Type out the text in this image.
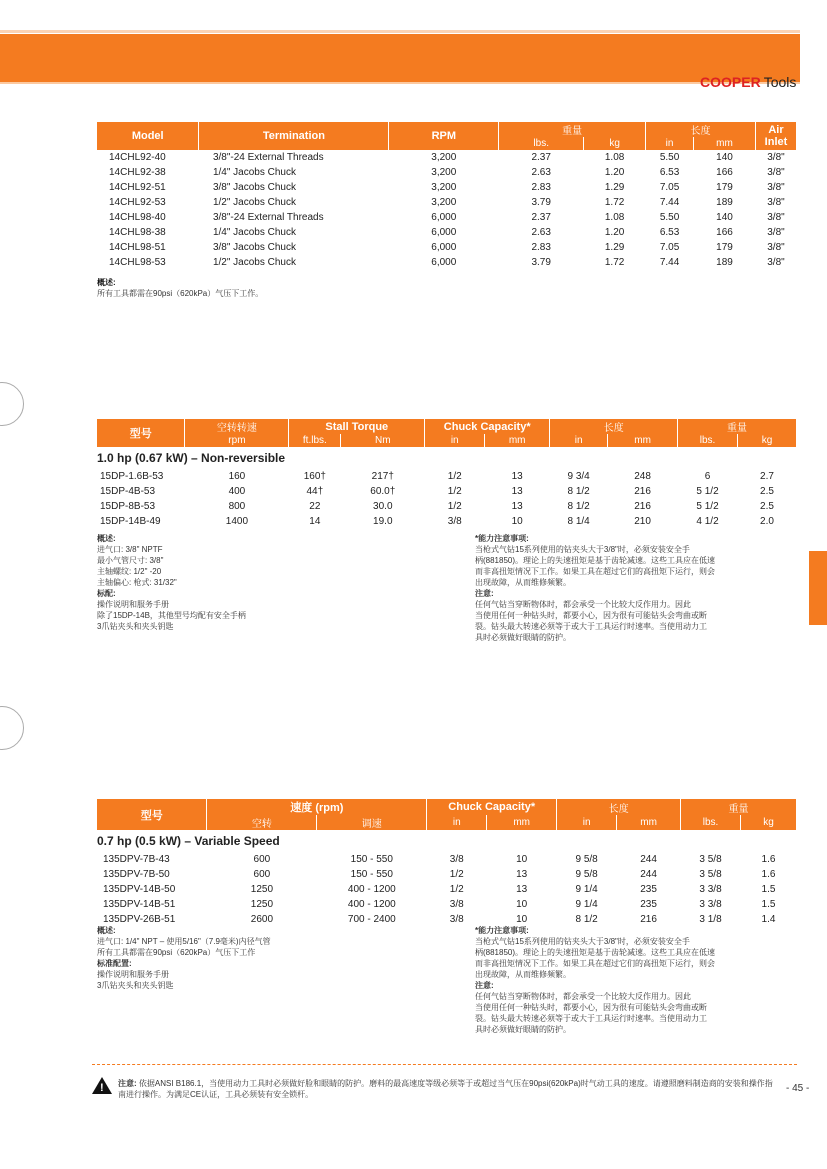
COOPER Tools
Model	Termination	RPM	重量		长度		Air Inlet
			lbs.	kg	in	mm	
14CHL92-40	3/8"-24 External Threads	3,200	2.37	1.08	5.50	140	3/8"
14CHL92-38	1/4" Jacobs Chuck	3,200	2.63	1.20	6.53	166	3/8"
14CHL92-51	3/8" Jacobs Chuck	3,200	2.83	1.29	7.05	179	3/8"
14CHL92-53	1/2" Jacobs Chuck	3,200	3.79	1.72	7.44	189	3/8"
14CHL98-40	3/8"-24 External Threads	6,000	2.37	1.08	5.50	140	3/8"
14CHL98-38	1/4" Jacobs Chuck	6,000	2.63	1.20	6.53	166	3/8"
14CHL98-51	3/8" Jacobs Chuck	6,000	2.83	1.29	7.05	179	3/8"
14CHL98-53	1/2" Jacobs Chuck	6,000	3.79	1.72	7.44	189	3/8"
概述:
所有工具都需在90psi（620kPa）气压下工作。
型号	空转转速	Stall Torque		Chuck Capacity*		长度		重量	
	rpm	ft.lbs.	Nm	in	mm	in	mm	lbs.	kg
1.0 hp (0.67 kW) – Non-reversible									
15DP-1.6B-53	160	160†	217†	1/2	13	9 3/4	248	6	2.7
15DP-4B-53	400	44†	60.0†	1/2	13	8 1/2	216	5 1/2	2.5
15DP-8B-53	800	22	30.0	1/2	13	8 1/2	216	5 1/2	2.5
15DP-14B-49	1400	14	19.0	3/8	10	8 1/4	210	4 1/2	2.0
概述:
进气口: 3/8" NPTF
最小气管尺寸: 3/8"
主轴螺纹: 1/2" -20
主轴偏心: 枪式: 31/32"
标配:
操作说明和服务手册
除了15DP-14B，其他型号均配有安全手柄
3爪钻夹头和夹头钥匙
*能力注意事项:
当枪式气钻15系列使用的钻夹头大于3/8"时，必须安装安全手
柄(881850)。理论上的失速扭矩是基于齿轮减速。这些工具应在低速
而非高扭矩情况下工作。如果工具在超过它们的高扭矩下运行，则会
出现故障，从而维修频繁。
注意:
任何气钻当穿断物体时，都会承受一个比较大反作用力。因此
当使用任何一种钻头时，都要小心，因为很有可能钻头会弯曲或断
裂。钻头最大转速必须等于或大于工具运行时速率。当使用动力工
具时必须做好眼睛的防护。
型号	速度 (rpm)		Chuck Capacity*		长度		重量	
	空转	调速	in	mm	in	mm	lbs.	kg
0.7 hp (0.5 kW) – Variable Speed								
135DPV-7B-43	600	150 - 550	3/8	10	9 5/8	244	3 5/8	1.6
135DPV-7B-50	600	150 - 550	1/2	13	9 5/8	244	3 5/8	1.6
135DPV-14B-50	1250	400 - 1200	1/2	13	9 1/4	235	3 3/8	1.5
135DPV-14B-51	1250	400 - 1200	3/8	10	9 1/4	235	3 3/8	1.5
135DPV-26B-51	2600	700 - 2400	3/8	10	8 1/2	216	3 1/8	1.4
概述:
进气口: 1/4" NPT – 使用5/16"（7.9毫米)内径气管
所有工具都需在90psi（620kPa）气压下工作
标准配置:
操作说明和服务手册
3爪钻夹头和夹头钥匙
*能力注意事项:
当枪式气钻15系列使用的钻夹头大于3/8"时，必须安装安全手
柄(881850)。理论上的失速扭矩是基于齿轮减速。这些工具应在低速
而非高扭矩情况下工作。如果工具在超过它们的高扭矩下运行，则会
出现故障，从而维修频繁。
注意:
任何气钻当穿断物体时，都会承受一个比较大反作用力。因此
当使用任何一种钻头时，都要小心，因为很有可能钻头会弯曲或断
裂。钻头最大转速必须等于或大于工具运行时速率。当使用动力工
具时必须做好眼睛的防护。
! 注意: 依据ANSI B186.1，当使用动力工具时必须做好脸和眼睛的防护。磨料的最高速度等级必须等于或超过当气压在90psi(620kPa)时气动工具的速度。请遵照磨料制造商的安装和操作指南进行操作。为满足CE认证，工具必须装有安全锁杆。
- 45 -
